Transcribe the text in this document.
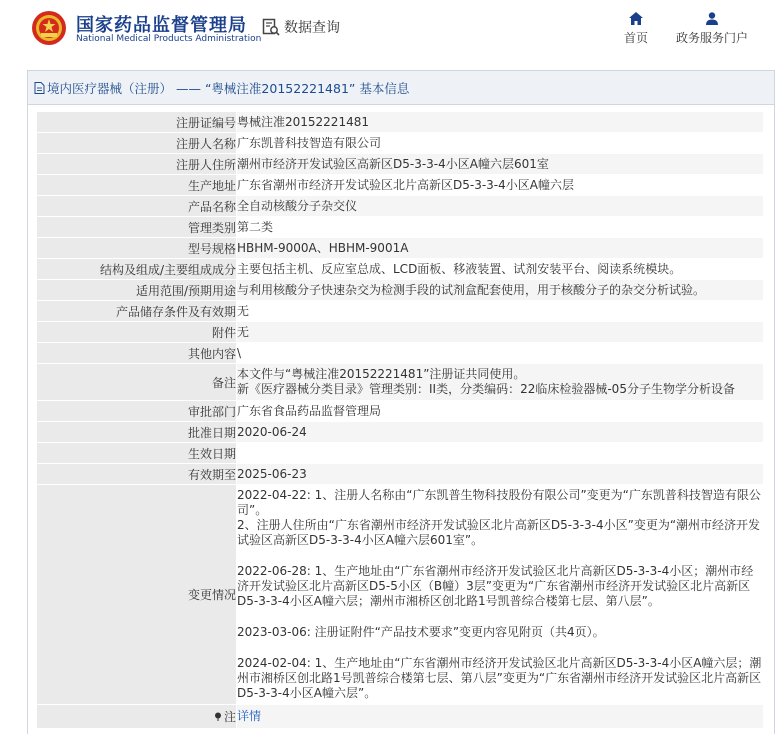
国家药品监督管理局
National Medical Products Administration
数据查询
首页 政务服务门户
境内医疗器械（注册） —— “粤械注准20152221481” 基本信息
注册证编号	粤械注准20152221481
注册人名称	广东凯普科技智造有限公司
注册人住所	潮州市经济开发试验区高新区D5-3-3-4小区A幢六层601室
生产地址	广东省潮州市经济开发试验区北片高新区D5-3-3-4小区A幢六层
产品名称	全自动核酸分子杂交仪
管理类别	第二类
型号规格	HBHM-9000A、HBHM-9001A
结构及组成/主要组成成分	主要包括主机、反应室总成、LCD面板、移液装置、试剂安装平台、阅读系统模块。
适用范围/预期用途	与利用核酸分子快速杂交为检测手段的试剂盒配套使用，用于核酸分子的杂交分析试验。
产品储存条件及有效期	无
附件	无
其他内容	\
备注	本文件与“粤械注准20152221481”注册证共同使用。
新《医疗器械分类目录》管理类别：II类，分类编码：22临床检验器械-05分子生物学分析设备

审批部门	广东省食品药品监督管理局
批准日期	2020-06-24
生效日期	
有效期至	2025-06-23
变更情况	2022-04-22: 1、注册人名称由“广东凯普生物科技股份有限公司”变更为“广东凯普科技智造有限公司”。
2、注册人住所由“广东省潮州市经济开发试验区北片高新区D5-3-3-4小区”变更为“潮州市经济开发试验区高新区D5-3-3-4小区A幢六层601室”。
2022-06-28: 1、生产地址由“广东省潮州市经济开发试验区北片高新区D5-3-3-4小区；潮州市经济开发试验区北片高新区D5-5小区（B幢）3层”变更为“广东省潮州市经济开发试验区北片高新区D5-3-3-4小区A幢六层；潮州市湘桥区创北路1号凯普综合楼第七层、第八层”。
2023-03-06: 注册证附件“产品技术要求”变更内容见附页（共4页）。
2024-02-04: 1、生产地址由“广东省潮州市经济开发试验区北片高新区D5-3-3-4小区A幢六层；潮州市湘桥区创北路1号凯普综合楼第七层、第八层”变更为“广东省潮州市经济开发试验区北片高新区D5-3-3-4小区A幢六层”。

注	详情
